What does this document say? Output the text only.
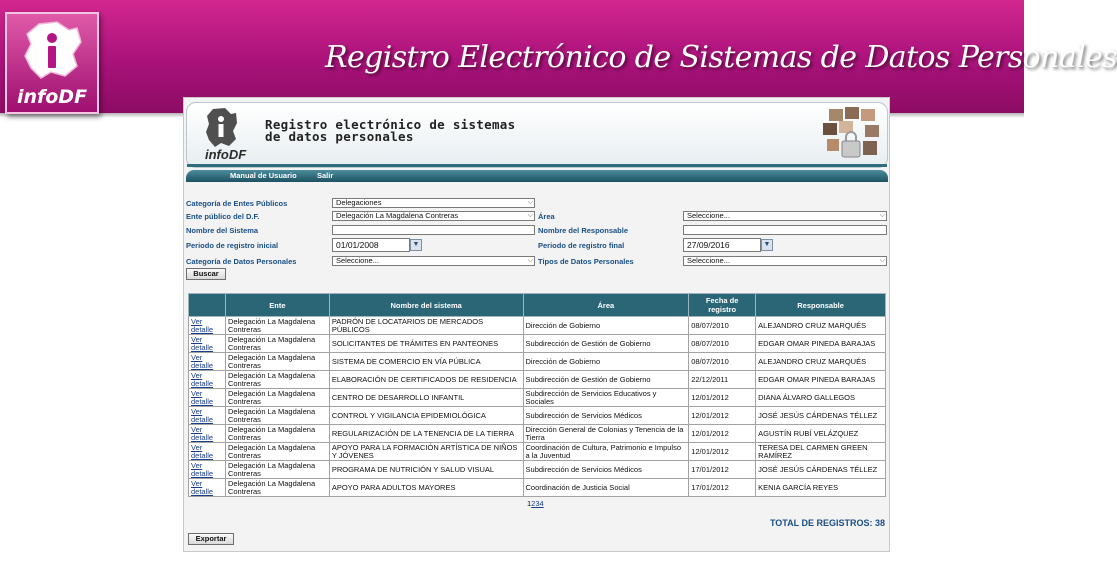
infoDF
Registro Electrónico de Sistemas de Datos Personales
infoDF
Registro electrónico de sistemas
de datos personales
Manual de Usuario	Salir
Categoría de Entes Públicos	Delegaciones	⌵
Ente público del D.F.	Delegación La Magdalena Contreras	⌵
Nombre del Sistema
Periodo de registro inicial	01/01/2008	▼
Categoría de Datos Personales	Seleccione...	⌵
Buscar
Área	Seleccione...	⌵
Nombre del Responsable
Periodo de registro final	27/09/2016	▼
Tipos de Datos Personales	Seleccione...	⌵
	Ente	Nombre del sistema	Área	Fecha de registro	Responsable
Ver detalle	Delegación La Magdalena Contreras	PADRÓN DE LOCATARIOS DE MERCADOS PÚBLICOS	Dirección de Gobierno	08/07/2010	ALEJANDRO CRUZ MARQUÉS
Ver detalle	Delegación La Magdalena Contreras	SOLICITANTES DE TRÁMITES EN PANTEONES	Subdirección de Gestión de Gobierno	08/07/2010	EDGAR OMAR PINEDA BARAJAS
Ver detalle	Delegación La Magdalena Contreras	SISTEMA DE COMERCIO EN VÍA PÚBLICA	Dirección de Gobierno	08/07/2010	ALEJANDRO CRUZ MARQUÉS
Ver detalle	Delegación La Magdalena Contreras	ELABORACIÓN DE CERTIFICADOS DE RESIDENCIA	Subdirección de Gestión de Gobierno	22/12/2011	EDGAR OMAR PINEDA BARAJAS
Ver detalle	Delegación La Magdalena Contreras	CENTRO DE DESARROLLO INFANTIL	Subdirección de Servicios Educativos y Sociales	12/01/2012	DIANA ÁLVARO GALLEGOS
Ver detalle	Delegación La Magdalena Contreras	CONTROL Y VIGILANCIA EPIDEMIOLÓGICA	Subdirección de Servicios Médicos	12/01/2012	JOSÉ JESÚS CÁRDENAS TÉLLEZ
Ver detalle	Delegación La Magdalena Contreras	REGULARIZACIÓN DE LA TENENCIA DE LA TIERRA	Dirección General de Colonias y Tenencia de la Tierra	12/01/2012	AGUSTÍN RUBÍ VELÁZQUEZ
Ver detalle	Delegación La Magdalena Contreras	APOYO PARA LA FORMACIÓN ARTÍSTICA DE NIÑOS Y JÓVENES	Coordinación de Cultura, Patrimonio e Impulso a la Juventud	12/01/2012	TERESA DEL CARMEN GREEN RAMÍREZ
Ver detalle	Delegación La Magdalena Contreras	PROGRAMA DE NUTRICIÓN Y SALUD VISUAL	Subdirección de Servicios Médicos	17/01/2012	JOSÉ JESÚS CÁRDENAS TÉLLEZ
Ver detalle	Delegación La Magdalena Contreras	APOYO PARA ADULTOS MAYORES	Coordinación de Justicia Social	17/01/2012	KENIA GARCÍA REYES
1234
TOTAL DE REGISTROS: 38
Exportar
